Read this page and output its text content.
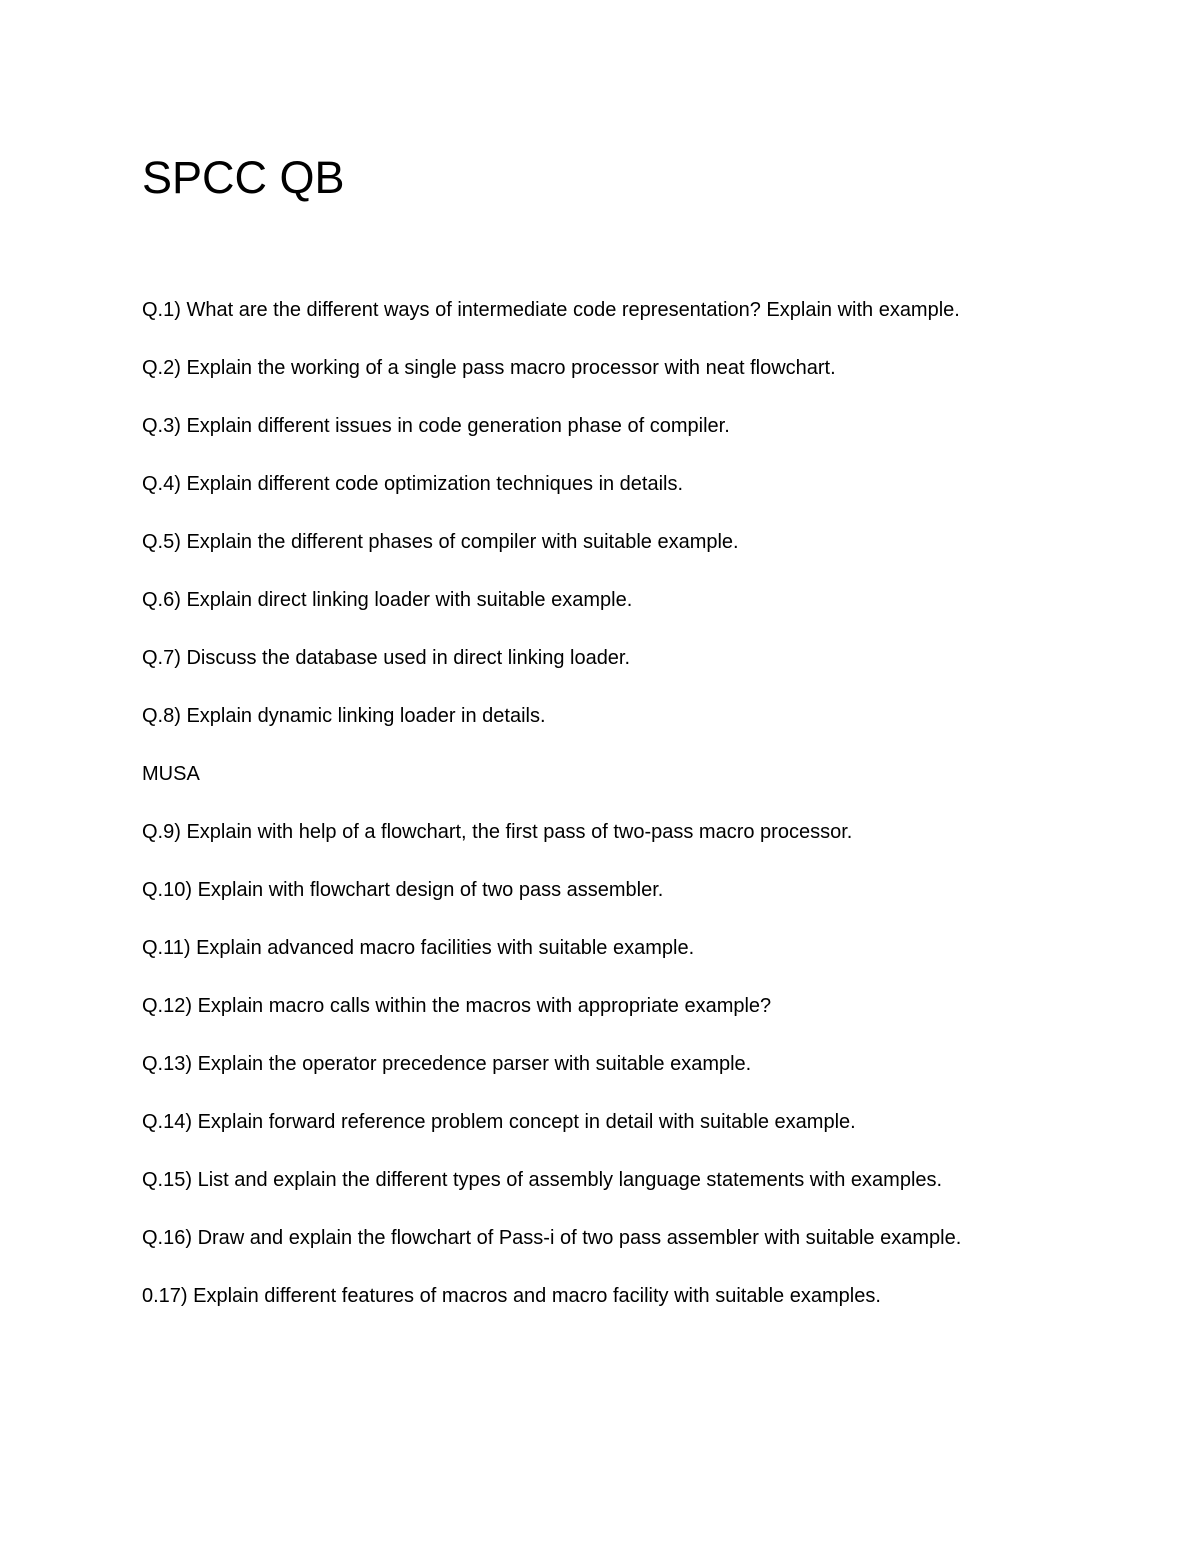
SPCC QB
Q.1) What are the different ways of intermediate code representation? Explain with example.
Q.2) Explain the working of a single pass macro processor with neat flowchart.
Q.3) Explain different issues in code generation phase of compiler.
Q.4) Explain different code optimization techniques in details.
Q.5) Explain the different phases of compiler with suitable example.
Q.6) Explain direct linking loader with suitable example.
Q.7) Discuss the database used in direct linking loader.
Q.8) Explain dynamic linking loader in details.
MUSA
Q.9) Explain with help of a flowchart, the first pass of two-pass macro processor.
Q.10) Explain with flowchart design of two pass assembler.
Q.11) Explain advanced macro facilities with suitable example.
Q.12) Explain macro calls within the macros with appropriate example?
Q.13) Explain the operator precedence parser with suitable example.
Q.14) Explain forward reference problem concept in detail with suitable example.
Q.15) List and explain the different types of assembly language statements with examples.
Q.16) Draw and explain the flowchart of Pass-i of two pass assembler with suitable example.
0.17) Explain different features of macros and macro facility with suitable examples.
